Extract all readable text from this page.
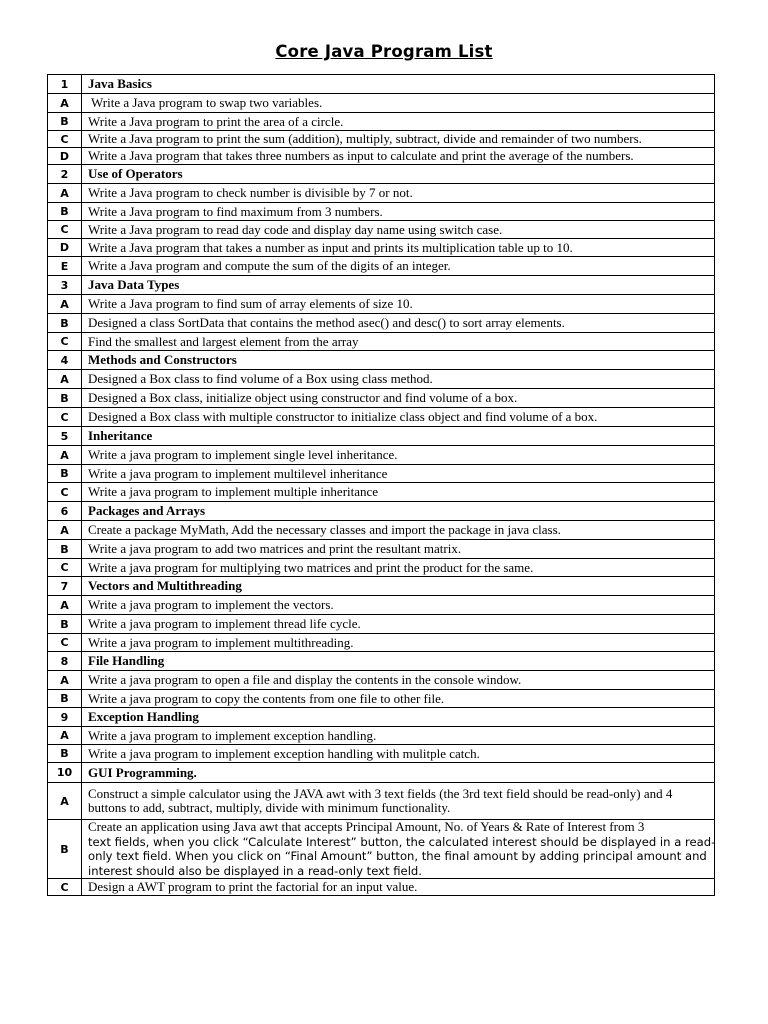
Core Java Program List
1	Java Basics
A	Write a Java program to swap two variables.
B	Write a Java program to print the area of a circle.
C	Write a Java program to print the sum (addition), multiply, subtract, divide and remainder of two numbers.
D	Write a Java program that takes three numbers as input to calculate and print the average of the numbers.
2	Use of Operators
A	Write a Java program to check number is divisible by 7 or not.
B	Write a Java program to find maximum from 3 numbers.
C	Write a Java program to read day code and display day name using switch case.
D	Write a Java program that takes a number as input and prints its multiplication table up to 10.
E	Write a Java program and compute the sum of the digits of an integer.
3	Java Data Types
A	Write a Java program to find sum of array elements of size 10.
B	Designed a class SortData that contains the method asec() and desc() to sort array elements.
C	Find the smallest and largest element from the array
4	Methods and Constructors
A	Designed a Box class to find volume of a Box using class method.
B	Designed a Box class, initialize object using constructor and find volume of a box.
C	Designed a Box class with multiple constructor to initialize class object and find volume of a box.
5	Inheritance
A	Write a java program to implement single level inheritance.
B	Write a java program to implement multilevel inheritance
C	Write a java program to implement multiple inheritance
6	Packages and Arrays
A	Create a package MyMath, Add the necessary classes and import the package in java class.
B	Write a java program to add two matrices and print the resultant matrix.
C	Write a java program for multiplying two matrices and print the product for the same.
7	Vectors and Multithreading
A	Write a java program to implement the vectors.
B	Write a java program to implement thread life cycle.
C	Write a java program to implement multithreading.
8	File Handling
A	Write a java program to open a file and display the contents in the console window.
B	Write a java program to copy the contents from one file to other file.
9	Exception Handling
A	Write a java program to implement exception handling.
B	Write a java program to implement exception handling with mulitple catch.
10	GUI Programming.
A	Construct a simple calculator using the JAVA awt with 3 text fields (the 3rd text field should be read-only) and 4 buttons to add, subtract, multiply, divide with minimum functionality.
B	Create an application using Java awt that accepts Principal Amount, No. of Years & Rate of Interest from 3
text fields, when you click “Calculate Interest” button, the calculated interest should be displayed in a read-
only text field. When you click on “Final Amount” button, the final amount by adding principal amount and
interest should also be displayed in a read-only text field.

C	Design a AWT program to print the factorial for an input value.
